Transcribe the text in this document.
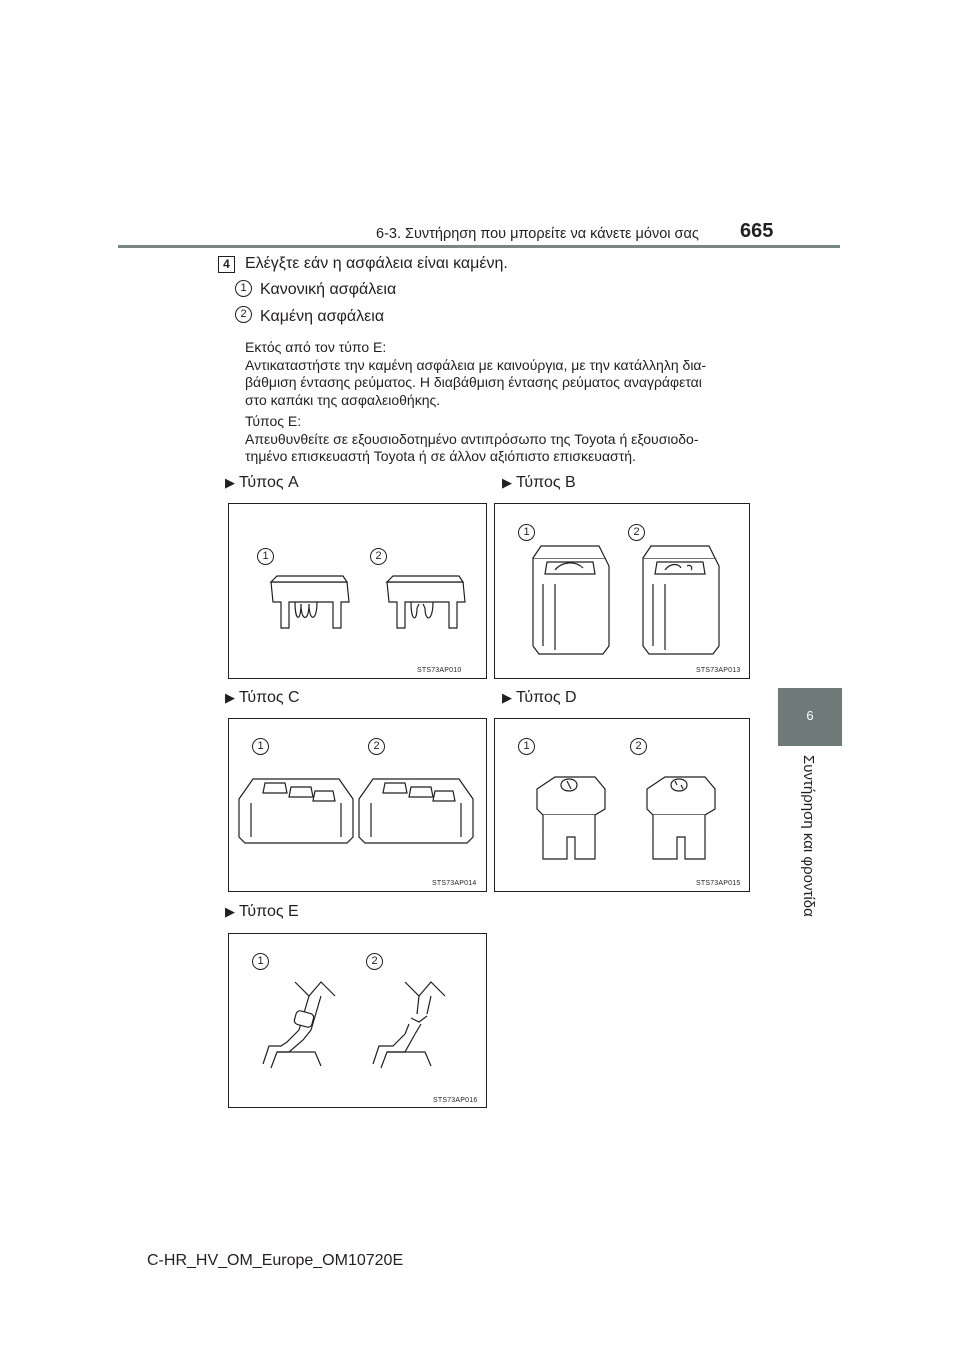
6-3. Συντήρηση που μπορείτε να κάνετε μόνοι σας 665
6
Συντήρηση και φροντίδα
4 Ελέγξτε εάν η ασφάλεια είναι καμένη.
1 Κανονική ασφάλεια
2 Καμένη ασφάλεια
Εκτός από τον τύπο E:
Αντικαταστήστε την καμένη ασφάλεια με καινούργια, με την κατάλληλη δια-
βάθμιση έντασης ρεύματος. Η διαβάθμιση έντασης ρεύματος αναγράφεται
στο καπάκι της ασφαλειοθήκης.
Τύπος E:
Απευθυνθείτε σε εξουσιοδοτημένο αντιπρόσωπο της Toyota ή εξουσιοδο-
τημένο επισκευαστή Toyota ή σε άλλον αξιόπιστο επισκευαστή.
▶ Τύπος A	▶ Τύπος B
▶ Τύπος C	▶ Τύπος D
▶ Τύπος E
1	2
STS73AP010
1	2
STS73AP013
1	2
STS73AP014
1	2
STS73AP015
1	2
STS73AP016
C-HR_HV_OM_Europe_OM10720E
